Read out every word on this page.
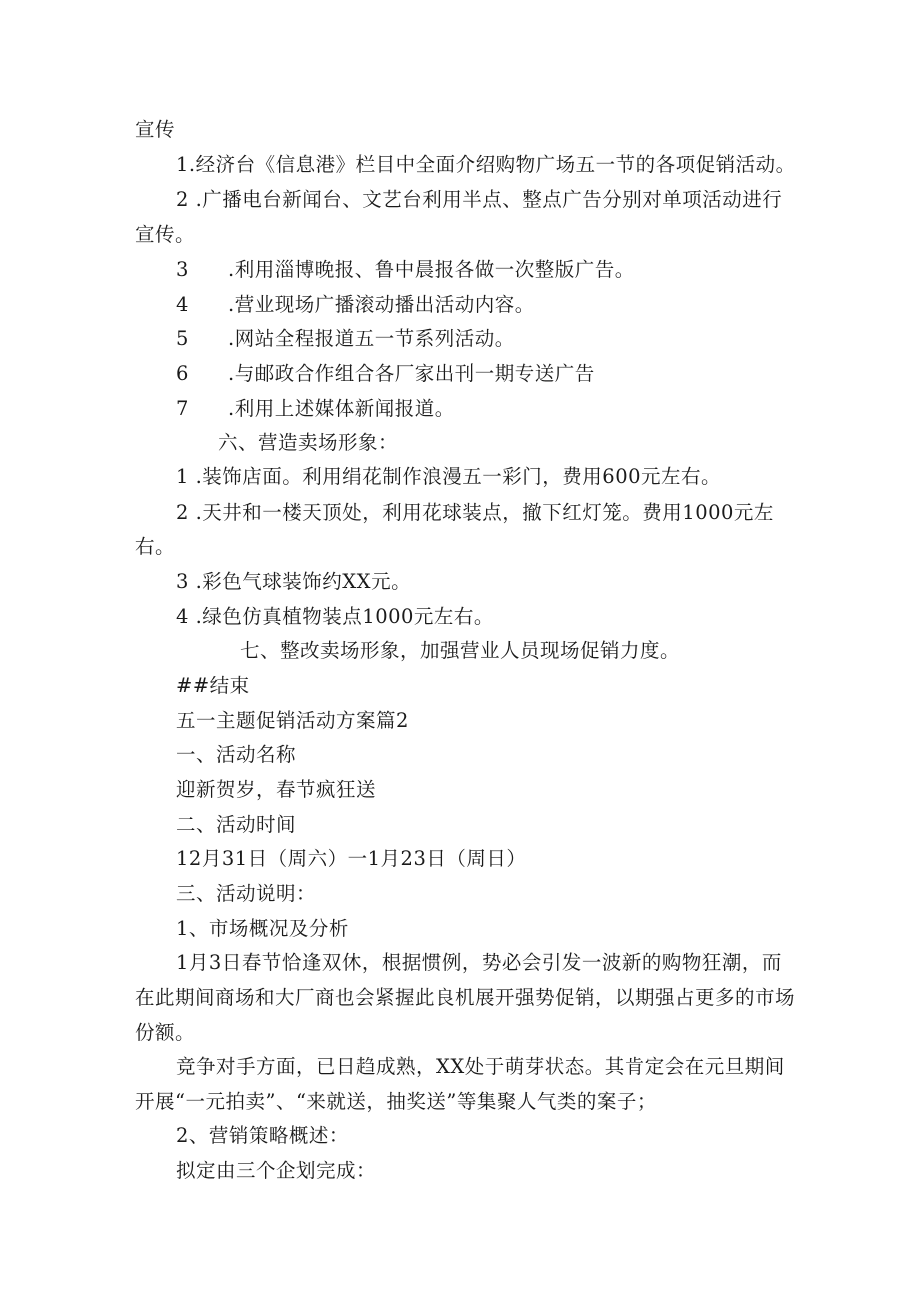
宣传
1.经济台《信息港》栏目中全面介绍购物广场五一节的各项促销活动。
2 .广播电台新闻台、文艺台利用半点、整点广告分别对单项活动进行
宣传。
3 .利用淄博晚报、鲁中晨报各做一次整版广告。
4 .营业现场广播滚动播出活动内容。
5 .网站全程报道五一节系列活动。
6 .与邮政合作组合各厂家出刊一期专送广告
7 .利用上述媒体新闻报道。
六、营造卖场形象：
1 .装饰店面。利用绢花制作浪漫五一彩门，费用600元左右。
2 .天井和一楼天顶处，利用花球装点，撤下红灯笼。费用1000元左
右。
3 .彩色气球装饰约XX元。
4 .绿色仿真植物装点1000元左右。
七、整改卖场形象，加强营业人员现场促销力度。
##结束
五一主题促销活动方案篇2
一、活动名称
迎新贺岁，春节疯狂送
二、活动时间
12月31日（周六）一1月23日（周日）
三、活动说明：
1、市场概况及分析
1月3日春节恰逢双休，根据惯例，势必会引发一波新的购物狂潮，而
在此期间商场和大厂商也会紧握此良机展开强势促销，以期强占更多的市场
份额。
竞争对手方面，已日趋成熟，XX处于萌芽状态。其肯定会在元旦期间
开展“一元拍卖”、“来就送，抽奖送”等集聚人气类的案子；
2、营销策略概述：
拟定由三个企划完成：
